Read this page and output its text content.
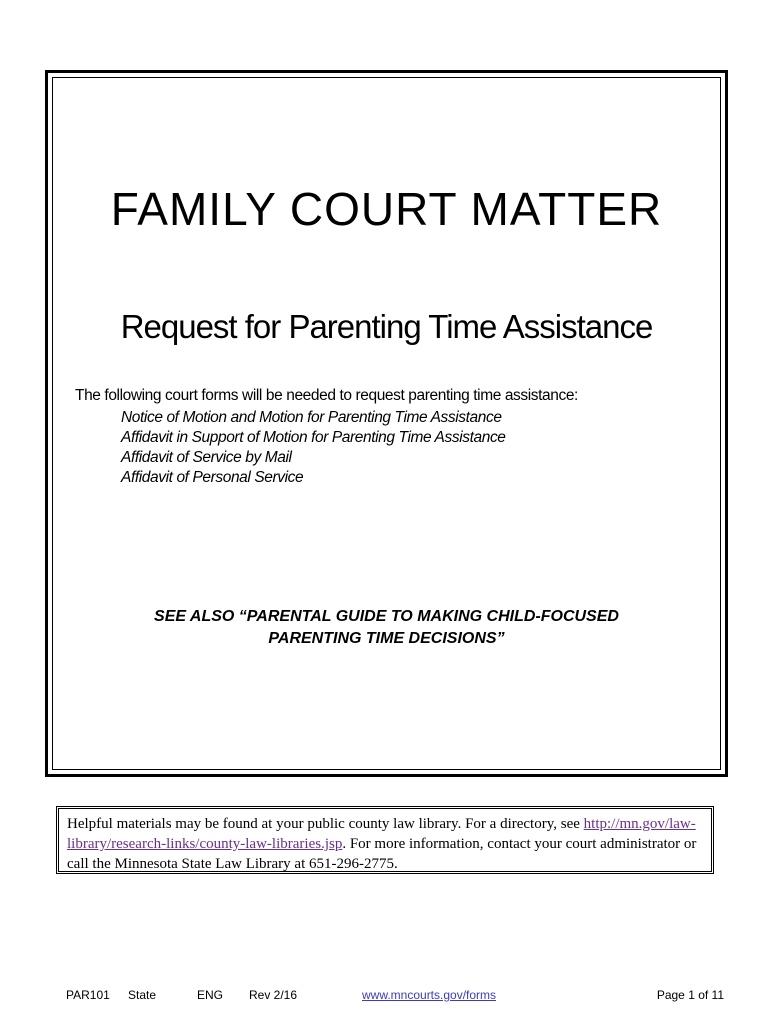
FAMILY COURT MATTER
Request for Parenting Time Assistance
The following court forms will be needed to request parenting time assistance:
Notice of Motion and Motion for Parenting Time Assistance
Affidavit in Support of Motion for Parenting Time Assistance
Affidavit of Service by Mail
Affidavit of Personal Service
SEE ALSO “PARENTAL GUIDE TO MAKING CHILD-FOCUSED
PARENTING TIME DECISIONS”
Helpful materials may be found at your public county law library. For a directory, see http://mn.gov/law-library/research-links/county-law-libraries.jsp. For more information, contact your court administrator or call the Minnesota State Law Library at 651-296-2775.
PAR101 State	ENG Rev 2/16	www.mncourts.gov/forms	Page 1 of 11
